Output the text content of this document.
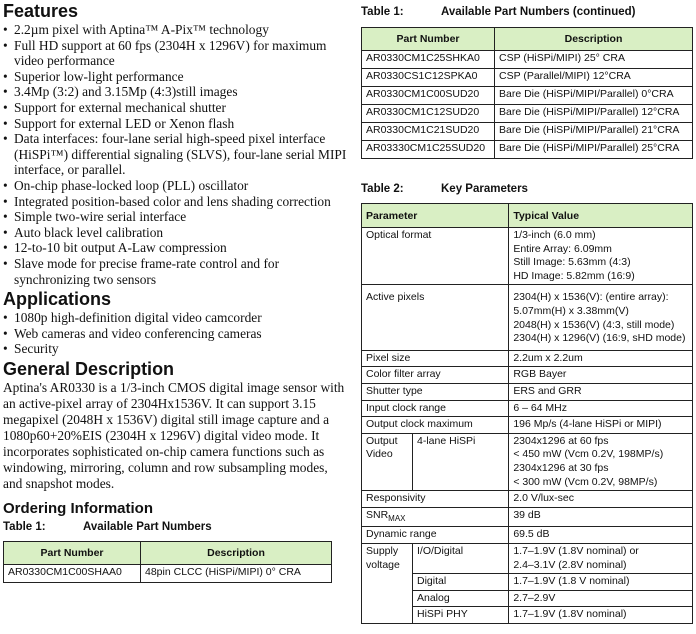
Features
• 2.2µm pixel with Aptina™ A-Pix™ technology
• Full HD support at 60 fps (2304H x 1296V) for maximum video performance
• Superior low-light performance
• 3.4Mp (3:2) and 3.15Mp (4:3)still images
• Support for external mechanical shutter
• Support for external LED or Xenon flash
• Data interfaces: four-lane serial high-speed pixel interface (HiSPi™) differential signaling (SLVS), four-lane serial MIPI interface, or parallel.
• On-chip phase-locked loop (PLL) oscillator
• Integrated position-based color and lens shading correction
• Simple two-wire serial interface
• Auto black level calibration
• 12-to-10 bit output A-Law compression
• Slave mode for precise frame-rate control and for synchronizing two sensors
Applications
• 1080p high-definition digital video camcorder
• Web cameras and video conferencing cameras
• Security
General Description

Aptina's AR0330 is a 1/3-inch CMOS digital image sensor with an active-pixel array of 2304Hx1536V. It can support 3.15 megapixel (2048H x 1536V) digital still image capture and a 1080p60+20%EIS (2304H x 1296V) digital video mode. It incorporates sophisticated on-chip camera functions such as windowing, mirroring, column and row subsampling modes, and snapshot modes.

Ordering Information
Table 1:	Available Part Numbers
Part Number	Description
AR0330CM1C00SHAA0	48pin CLCC (HiSPi/MIPI) 0° CRA
Table 1:	Available Part Numbers (continued)
Part Number	Description
AR0330CM1C25SHKA0	CSP (HiSPi/MIPI) 25° CRA
AR0330CS1C12SPKA0	CSP (Parallel/MIPI) 12°CRA
AR0330CM1C00SUD20	Bare Die (HiSPi/MIPI/Parallel) 0°CRA
AR0330CM1C12SUD20	Bare Die (HiSPi/MIPI/Parallel) 12°CRA
AR0330CM1C21SUD20	Bare Die (HiSPi/MIPI/Parallel) 21°CRA
AR03330CM1C25SUD20	Bare Die (HiSPi/MIPI/Parallel) 25°CRA
Table 2:	Key Parameters
Parameter		Typical Value
Optical format		1/3-inch (6.0 mm)
Entire Array: 6.09mm
Still Image: 5.63mm (4:3)
HD Image: 5.82mm (16:9)

Active pixels		2304(H) x 1536(V): (entire array):
5.07mm(H) x 3.38mm(V)
2048(H) x 1536(V) (4:3, still mode)
2304(H) x 1296(V) (16:9, sHD mode)

Pixel size		2.2um x 2.2um
Color filter array		RGB Bayer
Shutter type		ERS and GRR
Input clock range		6 – 64 MHz
Output clock maximum		196 Mp/s (4-lane HiSPi or MIPI)
Output Video	4-lane HiSPi	2304x1296 at 60 fps
< 450 mW (Vcm 0.2V, 198MP/s)
2304x1296 at 30 fps
< 300 mW (Vcm 0.2V, 98MP/s)

Responsivity		2.0 V/lux-sec
$SNR_{MAX}$		39 dB
Dynamic range		69.5 dB
Supply voltage	I/O/Digital	1.7–1.9V (1.8V nominal) or
2.4–3.1V (2.8V nominal)

	Digital	1.7–1.9V (1.8 V nominal)
	Analog	2.7–2.9V
	HiSPi PHY	1.7–1.9V (1.8V nominal)
